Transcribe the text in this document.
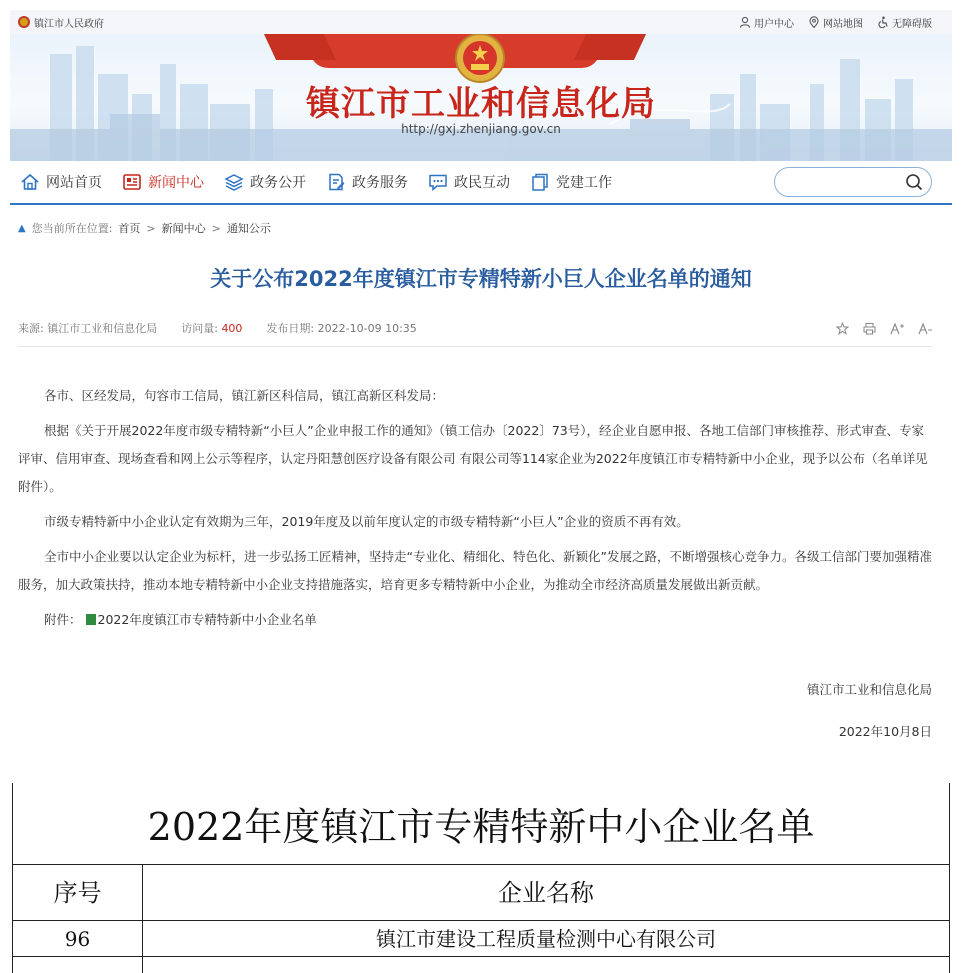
镇江市人民政府	用户中心	网站地图	无障碍版
镇江市工业和信息化局
http://gxj.zhenjiang.gov.cn
网站首页	新闻中心	政务公开	政务服务	政民互动	党建工作
▲ 您当前所在位置: 首页 > 新闻中心 > 通知公示
关于公布2022年度镇江市专精特新小巨人企业名单的通知
来源: 镇江市工业和信息化局 访问量: 400 发布日期: 2022-10-09 10:35

各市、区经发局，句容市工信局，镇江新区科信局，镇江高新区科发局：

根据《关于开展2022年度市级专精特新“小巨人”企业申报工作的通知》（镇工信办〔2022〕73号），经企业自愿申报、各地工信部门审核推荐、形式审查、专家评审、信用审查、现场查看和网上公示等程序，认定丹阳慧创医疗设备有限公司 有限公司等114家企业为2022年度镇江市专精特新中小企业，现予以公布（名单详见附件）。

市级专精特新中小企业认定有效期为三年，2019年度及以前年度认定的市级专精特新“小巨人”企业的资质不再有效。

全市中小企业要以认定企业为标杆，进一步弘扬工匠精神，坚持走“专业化、精细化、特色化、新颖化”发展之路，不断增强核心竞争力。各级工信部门要加强精准服务，加大政策扶持，推动本地专精特新中小企业支持措施落实，培育更多专精特新中小企业，为推动全市经济高质量发展做出新贡献。

附件： 2022年度镇江市专精特新中小企业名单

镇江市工业和信息化局
2022年10月8日
2022年度镇江市专精特新中小企业名单
序号	企业名称
96	镇江市建设工程质量检测中心有限公司
